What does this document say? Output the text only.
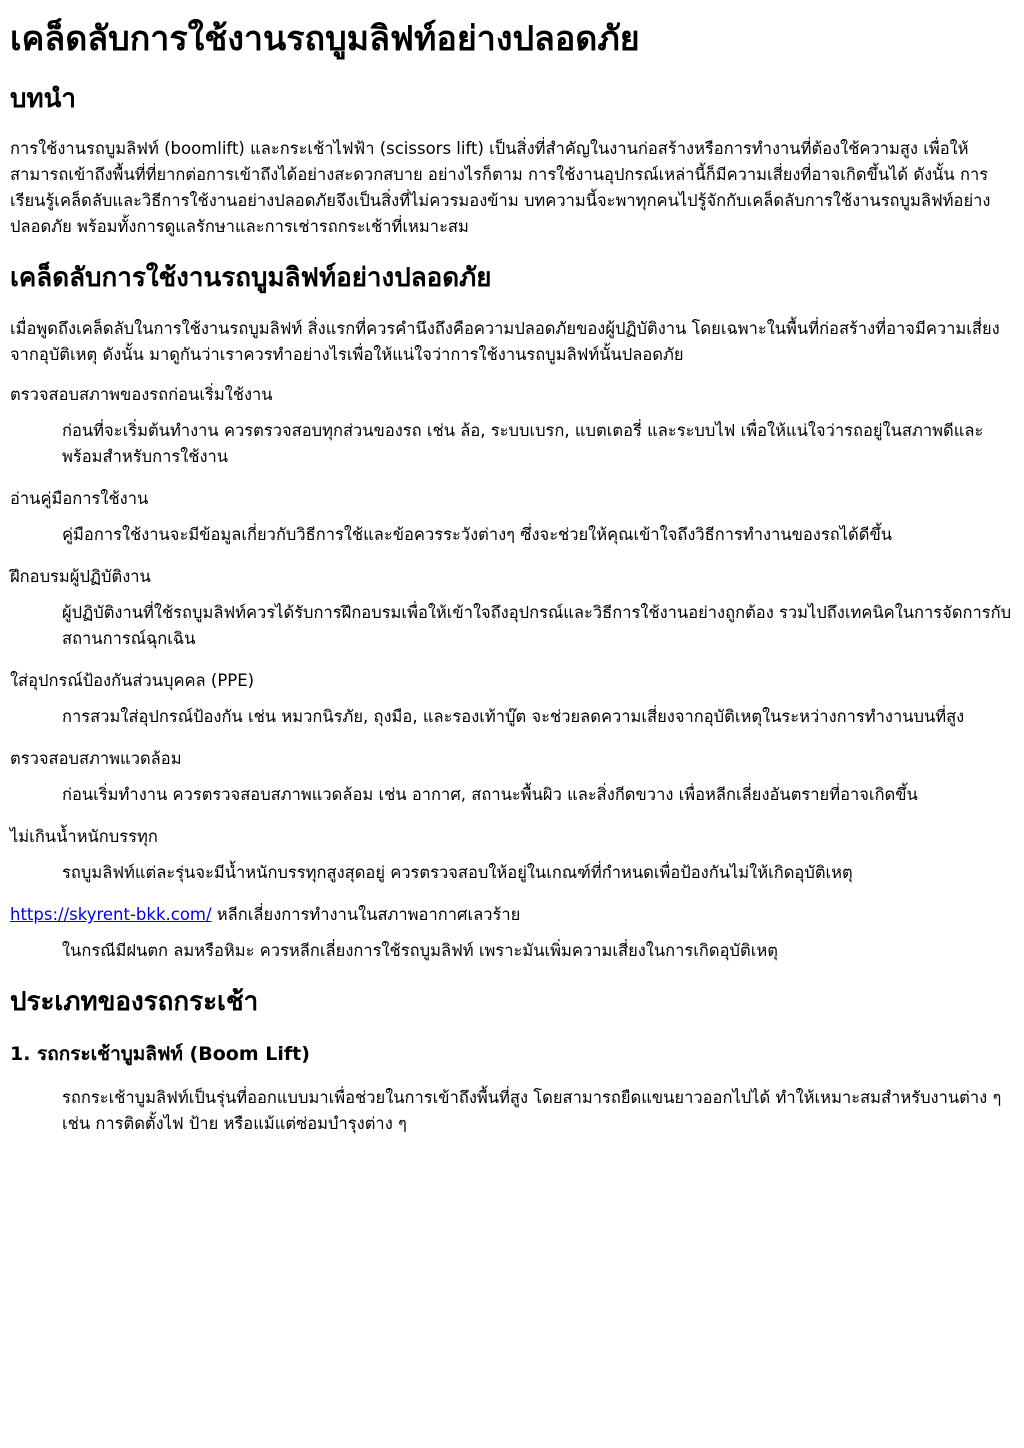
เคล็ดลับการใช้งานรถบูมลิฟท์อย่างปลอดภัย
บทนำ

การใช้งานรถบูมลิฟท์ (boomlift) และกระเช้าไฟฟ้า (scissors lift) เป็นสิ่งที่สำคัญในงานก่อสร้างหรือการทำงานที่ต้องใช้ความสูง เพื่อให้สามารถเข้าถึงพื้นที่ที่ยากต่อการเข้าถึงได้อย่างสะดวกสบาย อย่างไรก็ตาม การใช้งานอุปกรณ์เหล่านี้ก็มีความเสี่ยงที่อาจเกิดขึ้นได้ ดังนั้น การเรียนรู้เคล็ดลับและวิธีการใช้งานอย่างปลอดภัยจึงเป็นสิ่งที่ไม่ควรมองข้าม บทความนี้จะพาทุกคนไปรู้จักกับเคล็ดลับการใช้งานรถบูมลิฟท์อย่างปลอดภัย พร้อมทั้งการดูแลรักษาและการเช่ารถกระเช้าที่เหมาะสม

เคล็ดลับการใช้งานรถบูมลิฟท์อย่างปลอดภัย

เมื่อพูดถึงเคล็ดลับในการใช้งานรถบูมลิฟท์ สิ่งแรกที่ควรคำนึงถึงคือความปลอดภัยของผู้ปฏิบัติงาน โดยเฉพาะในพื้นที่ก่อสร้างที่อาจมีความเสี่ยงจากอุบัติเหตุ ดังนั้น มาดูกันว่าเราควรทำอย่างไรเพื่อให้แน่ใจว่าการใช้งานรถบูมลิฟท์นั้นปลอดภัย

ตรวจสอบสภาพของรถก่อนเริ่มใช้งาน
ก่อนที่จะเริ่มต้นทำงาน ควรตรวจสอบทุกส่วนของรถ เช่น ล้อ, ระบบเบรก, แบตเตอรี่ และระบบไฟ เพื่อให้แน่ใจว่ารถอยู่ในสภาพดีและพร้อมสำหรับการใช้งาน
อ่านคู่มือการใช้งาน
คู่มือการใช้งานจะมีข้อมูลเกี่ยวกับวิธีการใช้และข้อควรระวังต่างๆ ซึ่งจะช่วยให้คุณเข้าใจถึงวิธีการทำงานของรถได้ดีขึ้น
ฝึกอบรมผู้ปฏิบัติงาน
ผู้ปฏิบัติงานที่ใช้รถบูมลิฟท์ควรได้รับการฝึกอบรมเพื่อให้เข้าใจถึงอุปกรณ์และวิธีการใช้งานอย่างถูกต้อง รวมไปถึงเทคนิคในการจัดการกับสถานการณ์ฉุกเฉิน
ใส่อุปกรณ์ป้องกันส่วนบุคคล (PPE)
การสวมใส่อุปกรณ์ป้องกัน เช่น หมวกนิรภัย, ถุงมือ, และรองเท้าบู๊ต จะช่วยลดความเสี่ยงจากอุบัติเหตุในระหว่างการทำงานบนที่สูง
ตรวจสอบสภาพแวดล้อม
ก่อนเริ่มทำงาน ควรตรวจสอบสภาพแวดล้อม เช่น อากาศ, สถานะพื้นผิว และสิ่งกีดขวาง เพื่อหลีกเลี่ยงอันตรายที่อาจเกิดขึ้น
ไม่เกินน้ำหนักบรรทุก
รถบูมลิฟท์แต่ละรุ่นจะมีน้ำหนักบรรทุกสูงสุดอยู่ ควรตรวจสอบให้อยู่ในเกณฑ์ที่กำหนดเพื่อป้องกันไม่ให้เกิดอุบัติเหตุ
https://skyrent-bkk.com/ หลีกเลี่ยงการทำงานในสภาพอากาศเลวร้าย
ในกรณีมีฝนตก ลมหรือหิมะ ควรหลีกเลี่ยงการใช้รถบูมลิฟท์ เพราะมันเพิ่มความเสี่ยงในการเกิดอุบัติเหตุ
ประเภทของรถกระเช้า
1. รถกระเช้าบูมลิฟท์ (Boom Lift)
รถกระเช้าบูมลิฟท์เป็นรุ่นที่ออกแบบมาเพื่อช่วยในการเข้าถึงพื้นที่สูง โดยสามารถยืดแขนยาวออกไปได้ ทำให้เหมาะสมสำหรับงานต่าง ๆ เช่น การติดตั้งไฟ ป้าย หรือแม้แต่ซ่อมบำรุงต่าง ๆ
